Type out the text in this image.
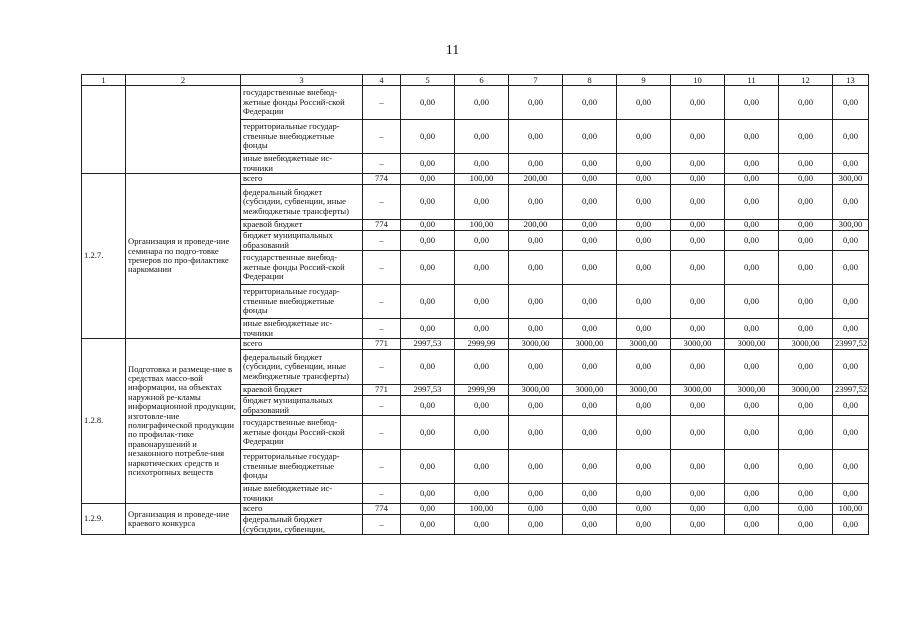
11
1	2	3	4	5	6	7	8	9	10	11	12	13
		государственные внебюд-жетные фонды Россий-ской Федерации	–	0,00	0,00	0,00	0,00	0,00	0,00	0,00	0,00	0,00
		территориальные государ-ственные внебюджетные фонды	–	0,00	0,00	0,00	0,00	0,00	0,00	0,00	0,00	0,00
		иные внебюджетные ис-точники	–	0,00	0,00	0,00	0,00	0,00	0,00	0,00	0,00	0,00
1.2.7.	Организация и проведе-ние семинара по подго-товке тренеров по про-филактике наркомании	всего	774	0,00	100,00	200,00	0,00	0,00	0,00	0,00	0,00	300,00
		федеральный бюджет (субсидии, субвенции, иные межбюджетные трансферты)	–	0,00	0,00	0,00	0,00	0,00	0,00	0,00	0,00	0,00
		краевой бюджет	774	0,00	100,00	200,00	0,00	0,00	0,00	0,00	0,00	300,00
		бюджет муниципальных образований	–	0,00	0,00	0,00	0,00	0,00	0,00	0,00	0,00	0,00
		государственные внебюд-жетные фонды Россий-ской Федерации	–	0,00	0,00	0,00	0,00	0,00	0,00	0,00	0,00	0,00
		территориальные государ-ственные внебюджетные фонды	–	0,00	0,00	0,00	0,00	0,00	0,00	0,00	0,00	0,00
		иные внебюджетные ис-точники	–	0,00	0,00	0,00	0,00	0,00	0,00	0,00	0,00	0,00
1.2.8.	Подготовка и размеще-ние в средствах массо-вой информации, на объектах наружной ре-кламы информационной продукции, изготовле-ние полиграфической продукции по профилак-тике правонарушений и незаконного потребле-ния наркотических средств и психотропных веществ	всего	771	2997,53	2999,99	3000,00	3000,00	3000,00	3000,00	3000,00	3000,00	23997,52
		федеральный бюджет (субсидии, субвенции, иные межбюджетные трансферты)	–	0,00	0,00	0,00	0,00	0,00	0,00	0,00	0,00	0,00
		краевой бюджет	771	2997,53	2999,99	3000,00	3000,00	3000,00	3000,00	3000,00	3000,00	23997,52
		бюджет муниципальных образований	–	0,00	0,00	0,00	0,00	0,00	0,00	0,00	0,00	0,00
		государственные внебюд-жетные фонды Россий-ской Федерации	–	0,00	0,00	0,00	0,00	0,00	0,00	0,00	0,00	0,00
		территориальные государ-ственные внебюджетные фонды	–	0,00	0,00	0,00	0,00	0,00	0,00	0,00	0,00	0,00
		иные внебюджетные ис-точники	–	0,00	0,00	0,00	0,00	0,00	0,00	0,00	0,00	0,00
1.2.9.	Организация и проведе-ние краевого конкурса	всего	774	0,00	100,00	0,00	0,00	0,00	0,00	0,00	0,00	100,00
		федеральный бюджет (субсидии, субвенции,	–	0,00	0,00	0,00	0,00	0,00	0,00	0,00	0,00	0,00
